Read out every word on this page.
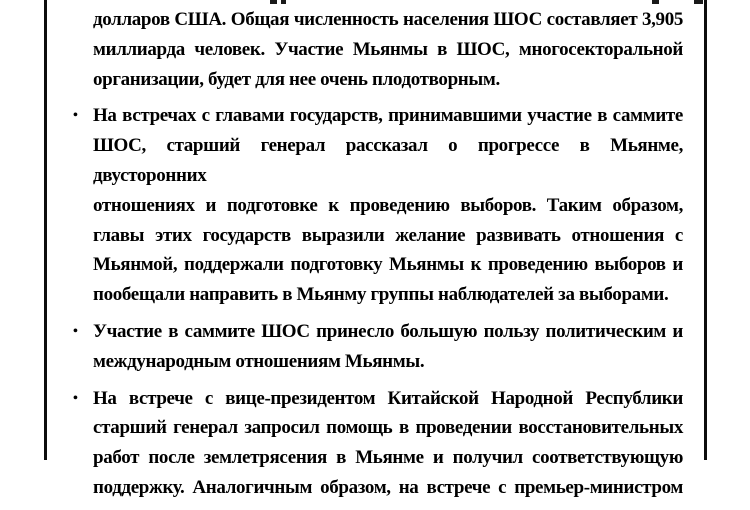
долларов США. Общая численность населения ШОС составляет 3,905
миллиарда человек. Участие Мьянмы в ШОС, многосекторальной
организации, будет для нее очень плодотворным.
• На встречах с главами государств, принимавшими участие в саммите
ШОС, старший генерал рассказал о прогрессе в Мьянме, двусторонних
отношениях и подготовке к проведению выборов. Таким образом,
главы этих государств выразили желание развивать отношения с
Мьянмой, поддержали подготовку Мьянмы к проведению выборов и
пообещали направить в Мьянму группы наблюдателей за выборами.
• Участие в саммите ШОС принесло большую пользу политическим и
международным отношениям Мьянмы.
• На встрече с вице-президентом Китайской Народной Республики
старший генерал запросил помощь в проведении восстановительных
работ после землетрясения в Мьянме и получил соответствующую
поддержку. Аналогичным образом, на встрече с премьер-министром
